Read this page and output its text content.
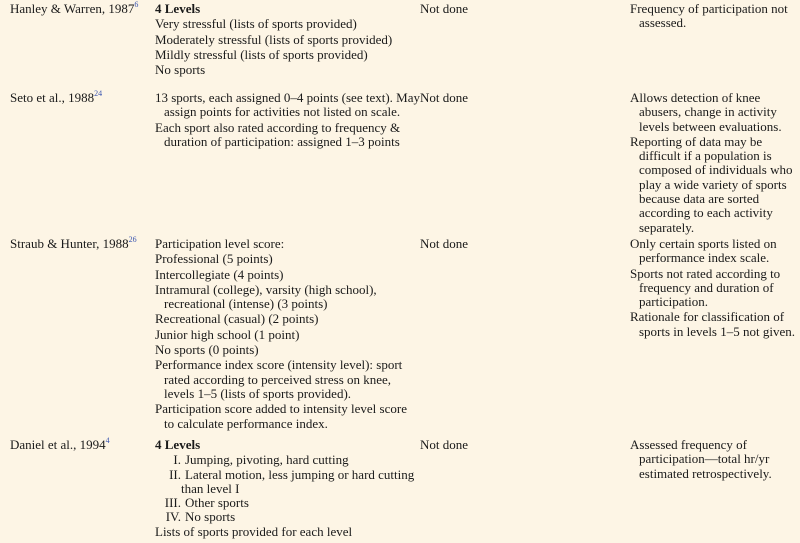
Hanley & Warren, 1987$^6$	4 Levels
Very stressful (lists of sports provided)
Moderately stressful (lists of sports provided)
Mildly stressful (lists of sports provided)
No sports
Not done	Frequency of participation not assessed.
Seto et al., 1988$^{24}$	13 sports, each assigned 0–4 points (see text). May assign points for activities not listed on scale.
Each sport also rated according to frequency & duration of participation: assigned 1–3 points
Not done	Allows detection of knee abusers, change in activity levels between evaluations.
Reporting of data may be difficult if a population is composed of individuals who play a wide variety of sports because data are sorted according to each activity separately.
Straub & Hunter, 1988$^{26}$	Participation level score:
Professional (5 points)
Intercollegiate (4 points)
Intramural (college), varsity (high school), recreational (intense) (3 points)
Recreational (casual) (2 points)
Junior high school (1 point)
No sports (0 points)
Performance index score (intensity level): sport rated according to perceived stress on knee, levels 1–5 (lists of sports provided).
Participation score added to intensity level score to calculate performance index.
Not done	Only certain sports listed on performance index scale.
Sports not rated according to frequency and duration of participation.
Rationale for classification of sports in levels 1–5 not given.
Daniel et al., 1994$^4$	4 Levels
I. Jumping, pivoting, hard cutting
II. Lateral motion, less jumping or hard cutting than level I
III. Other sports
IV. No sports
Lists of sports provided for each level
Not done	Assessed frequency of participation—total hr/yr estimated retrospectively.
